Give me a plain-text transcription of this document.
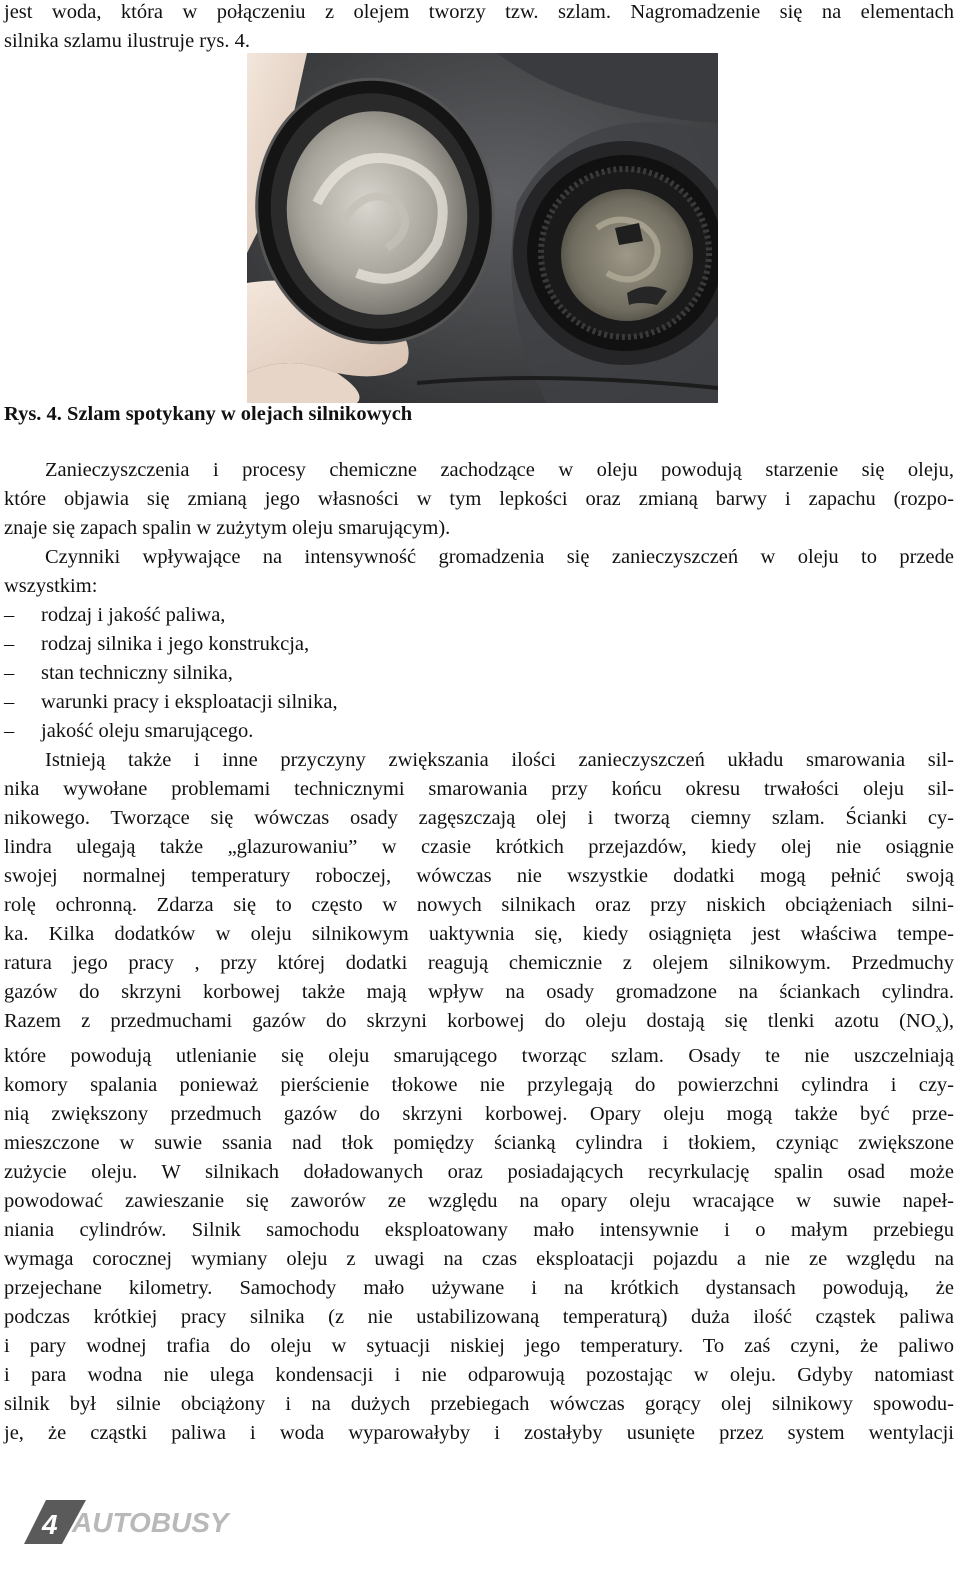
jest woda, która w połączeniu z olejem tworzy tzw. szlam. Nagromadzenie się na elementach
silnika szlamu ilustruje rys. 4.
Rys. 4. Szlam spotykany w olejach silnikowych
Zanieczyszczenia i procesy chemiczne zachodzące w oleju powodują starzenie się oleju,
które objawia się zmianą jego własności w tym lepkości oraz zmianą barwy i zapachu (rozpo-
znaje się zapach spalin w zużytym oleju smarującym).
Czynniki wpływające na intensywność gromadzenia się zanieczyszczeń w oleju to przede
wszystkim:
–	rodzaj i jakość paliwa,
–	rodzaj silnika i jego konstrukcja,
–	stan techniczny silnika,
–	warunki pracy i eksploatacji silnika,
–	jakość oleju smarującego.
Istnieją także i inne przyczyny zwiększania ilości zanieczyszczeń układu smarowania sil-
nika wywołane problemami technicznymi smarowania przy końcu okresu trwałości oleju sil-
nikowego. Tworzące się wówczas osady zagęszczają olej i tworzą ciemny szlam. Ścianki cy-
lindra ulegają także „glazurowaniu” w czasie krótkich przejazdów, kiedy olej nie osiągnie
swojej normalnej temperatury roboczej, wówczas nie wszystkie dodatki mogą pełnić swoją
rolę ochronną. Zdarza się to często w nowych silnikach oraz przy niskich obciążeniach silni-
ka. Kilka dodatków w oleju silnikowym uaktywnia się, kiedy osiągnięta jest właściwa tempe-
ratura jego pracy , przy której dodatki reagują chemicznie z olejem silnikowym. Przedmuchy
gazów do skrzyni korbowej także mają wpływ na osady gromadzone na ściankach cylindra.
Razem z przedmuchami gazów do skrzyni korbowej do oleju dostają się tlenki azotu $(NO_x)$,
które powodują utlenianie się oleju smarującego tworząc szlam. Osady te nie uszczelniają
komory spalania ponieważ pierścienie tłokowe nie przylegają do powierzchni cylindra i czy-
nią zwiększony przedmuch gazów do skrzyni korbowej. Opary oleju mogą także być prze-
mieszczone w suwie ssania nad tłok pomiędzy ścianką cylindra i tłokiem, czyniąc zwiększone
zużycie oleju. W silnikach doładowanych oraz posiadających recyrkulację spalin osad może
powodować zawieszanie się zaworów ze względu na opary oleju wracające w suwie napeł-
niania cylindrów. Silnik samochodu eksploatowany mało intensywnie i o małym przebiegu
wymaga corocznej wymiany oleju z uwagi na czas eksploatacji pojazdu a nie ze względu na
przejechane kilometry. Samochody mało używane i na krótkich dystansach powodują, że
podczas krótkiej pracy silnika (z nie ustabilizowaną temperaturą) duża ilość cząstek paliwa
i pary wodnej trafia do oleju w sytuacji niskiej jego temperatury. To zaś czyni, że paliwo
i para wodna nie ulega kondensacji i nie odparowują pozostając w oleju. Gdyby natomiast
silnik był silnie obciążony i na dużych przebiegach wówczas gorący olej silnikowy spowodu-
je, że cząstki paliwa i woda wyparowałyby i zostałyby usunięte przez system wentylacji
4 AUTOBUSY
